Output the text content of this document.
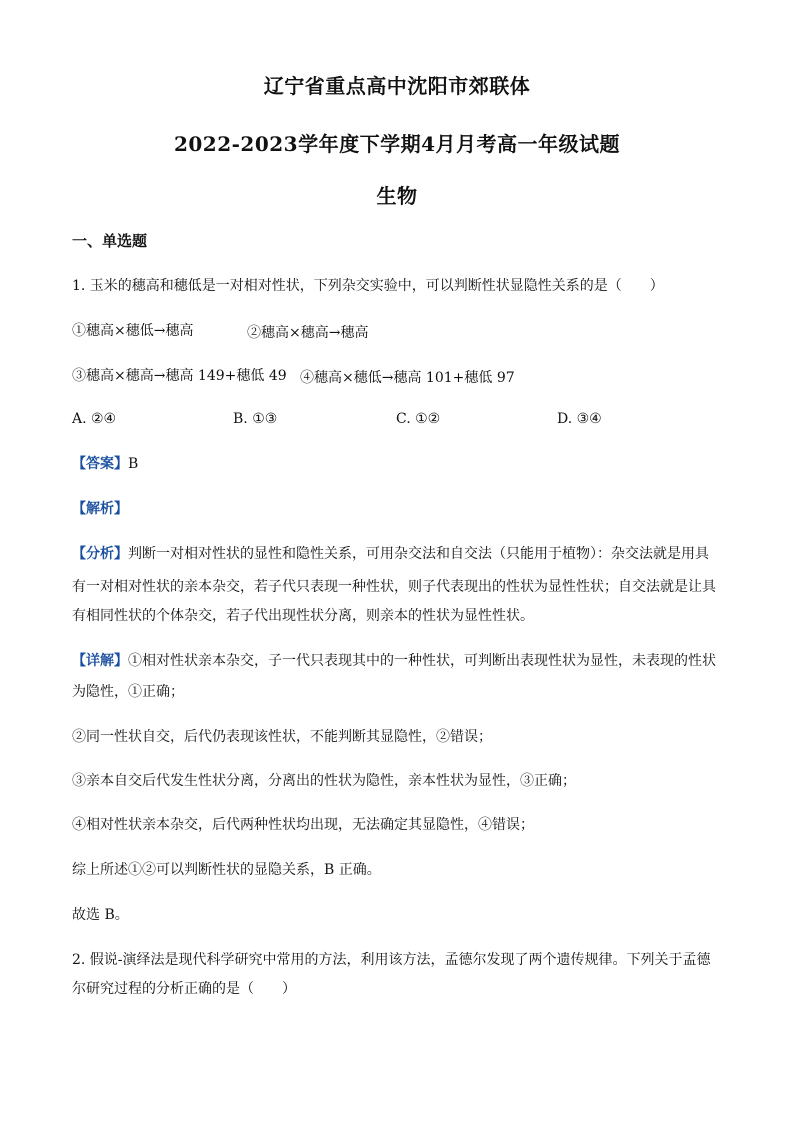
辽宁省重点高中沈阳市郊联体
2022-2023学年度下学期4月月考高一年级试题
生物
一、单选题
1. 玉米的穗高和穗低是一对相对性状，下列杂交实验中，可以判断性状显隐性关系的是（　　）
①穗高×穗低→穗高	②穗高×穗高→穗高
③穗高×穗高→穗高 149+穗低 49 ④穗高×穗低→穗高 101+穗低 97
A. ②④	B. ①③	C. ①②	D. ③④
【答案】B
【解析】
【分析】判断一对相对性状的显性和隐性关系，可用杂交法和自交法（只能用于植物）：杂交法就是用具
有一对相对性状的亲本杂交，若子代只表现一种性状，则子代表现出的性状为显性性状；自交法就是让具
有相同性状的个体杂交，若子代出现性状分离，则亲本的性状为显性性状。
【详解】①相对性状亲本杂交，子一代只表现其中的一种性状，可判断出表现性状为显性，未表现的性状
为隐性，①正确；
②同一性状自交，后代仍表现该性状，不能判断其显隐性，②错误；
③亲本自交后代发生性状分离，分离出的性状为隐性，亲本性状为显性，③正确；
④相对性状亲本杂交，后代两种性状均出现，无法确定其显隐性，④错误；
综上所述①②可以判断性状的显隐关系，B 正确。
故选 B。
2. 假说-演绎法是现代科学研究中常用的方法，利用该方法，孟德尔发现了两个遗传规律。下列关于孟德
尔研究过程的分析正确的是（　　）
